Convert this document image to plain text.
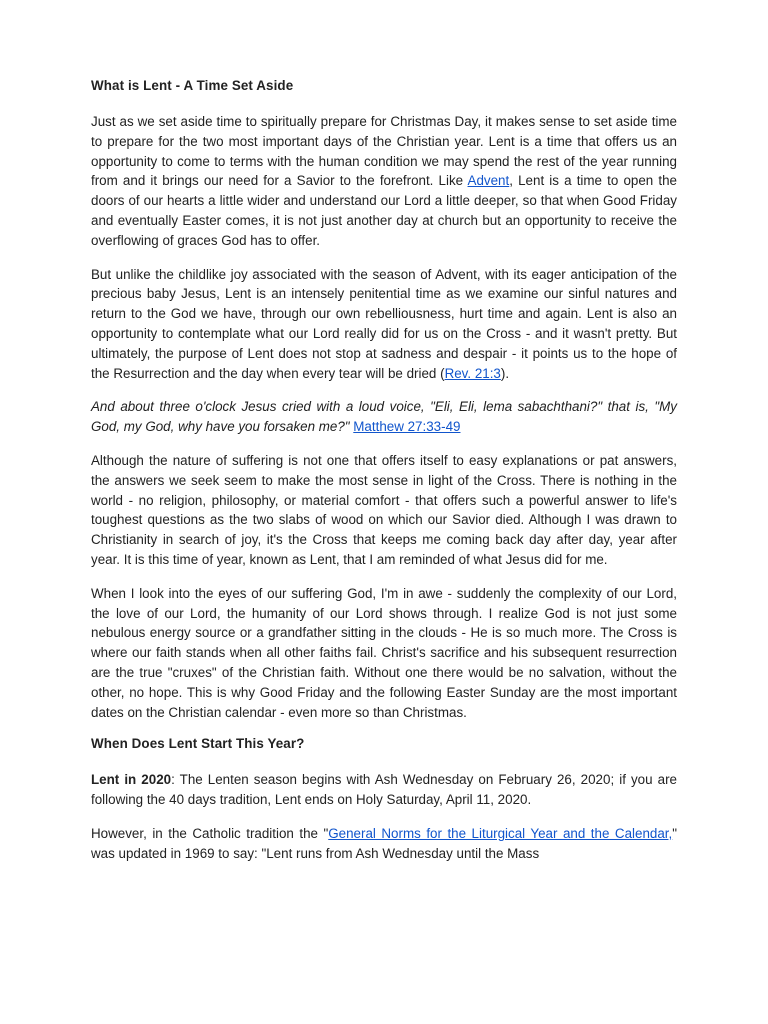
What is Lent - A Time Set Aside

Just as we set aside time to spiritually prepare for Christmas Day, it makes sense to set aside time to prepare for the two most important days of the Christian year. Lent is a time that offers us an opportunity to come to terms with the human condition we may spend the rest of the year running from and it brings our need for a Savior to the forefront. Like Advent, Lent is a time to open the doors of our hearts a little wider and understand our Lord a little deeper, so that when Good Friday and eventually Easter comes, it is not just another day at church but an opportunity to receive the overflowing of graces God has to offer.

But unlike the childlike joy associated with the season of Advent, with its eager anticipation of the precious baby Jesus, Lent is an intensely penitential time as we examine our sinful natures and return to the God we have, through our own rebelliousness, hurt time and again. Lent is also an opportunity to contemplate what our Lord really did for us on the Cross - and it wasn't pretty. But ultimately, the purpose of Lent does not stop at sadness and despair - it points us to the hope of the Resurrection and the day when every tear will be dried (Rev. 21:3).

And about three o'clock Jesus cried with a loud voice, "Eli, Eli, lema sabachthani?" that is, "My God, my God, why have you forsaken me?" Matthew 27:33-49

Although the nature of suffering is not one that offers itself to easy explanations or pat answers, the answers we seek seem to make the most sense in light of the Cross. There is nothing in the world - no religion, philosophy, or material comfort - that offers such a powerful answer to life's toughest questions as the two slabs of wood on which our Savior died. Although I was drawn to Christianity in search of joy, it's the Cross that keeps me coming back day after day, year after year. It is this time of year, known as Lent, that I am reminded of what Jesus did for me.

When I look into the eyes of our suffering God, I'm in awe - suddenly the complexity of our Lord, the love of our Lord, the humanity of our Lord shows through. I realize God is not just some nebulous energy source or a grandfather sitting in the clouds - He is so much more. The Cross is where our faith stands when all other faiths fail. Christ's sacrifice and his subsequent resurrection are the true "cruxes" of the Christian faith. Without one there would be no salvation, without the other, no hope. This is why Good Friday and the following Easter Sunday are the most important dates on the Christian calendar - even more so than Christmas.

When Does Lent Start This Year?

Lent in 2020: The Lenten season begins with Ash Wednesday on February 26, 2020; if you are following the 40 days tradition, Lent ends on Holy Saturday, April 11, 2020.

However, in the Catholic tradition the "General Norms for the Liturgical Year and the Calendar," was updated in 1969 to say: "Lent runs from Ash Wednesday until the Mass
